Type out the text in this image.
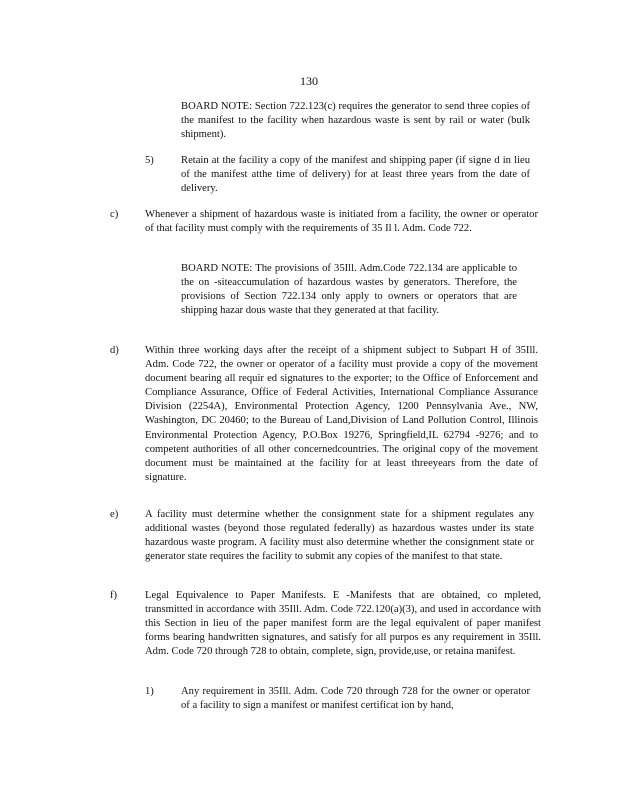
130

BOARD NOTE: Section 722.123(c) requires the generator to send three copies of the manifest to the facility when hazardous waste is sent by rail or water (bulk shipment).

5)	Retain at the facility a copy of the manifest and shipping paper (if signe d in lieu of the manifest atthe time of delivery) for at least three years from the date of delivery.

c)	Whenever a shipment of hazardous waste is initiated from a facility, the owner or operator of that facility must comply with the requirements of 35 Il l. Adm. Code 722.

BOARD NOTE: The provisions of 35Ill. Adm.Code 722.134 are applicable to the on -siteaccumulation of hazardous wastes by generators. Therefore, the provisions of Section 722.134 only apply to owners or operators that are shipping hazar dous waste that they generated at that facility.

d) Within three working days after the receipt of a shipment subject to Subpart H of 35Ill. Adm. Code 722, the owner or operator of a facility must provide a copy of the movement document bearing all requir ed signatures to the exporter; to the Office of Enforcement and Compliance Assurance, Office of Federal Activities, International Compliance Assurance Division (2254A), Environmental Protection Agency, 1200 Pennsylvania Ave., NW, Washington, DC 20460; to the Bureau of Land,Division of Land Pollution Control, Illinois Environmental Protection Agency, P.O.Box 19276, Springfield,IL 62794 -9276; and to competent authorities of all other concernedcountries. The original copy of the movement document must be maintained at the facility for at least threeyears from the date of signature.

e)	A facility must determine whether the consignment state for a shipment regulates any additional wastes (beyond those regulated federally) as hazardous wastes under its state hazardous waste program. A facility must also determine whether the consignment state or generator state requires the facility to submit any copies of the manifest to that state.

f)	Legal Equivalence to Paper Manifests. E -Manifests that are obtained, co mpleted, transmitted in accordance with 35Ill. Adm. Code 722.120(a)(3), and used in accordance with this Section in lieu of the paper manifest form are the legal equivalent of paper manifest forms bearing handwritten signatures, and satisfy for all purpos es any requirement in 35Ill. Adm. Code 720 through 728 to obtain, complete, sign, provide,use, or retaina manifest.

1)	Any requirement in 35Ill. Adm. Code 720 through 728 for the owner or operator of a facility to sign a manifest or manifest certificat ion by hand,
